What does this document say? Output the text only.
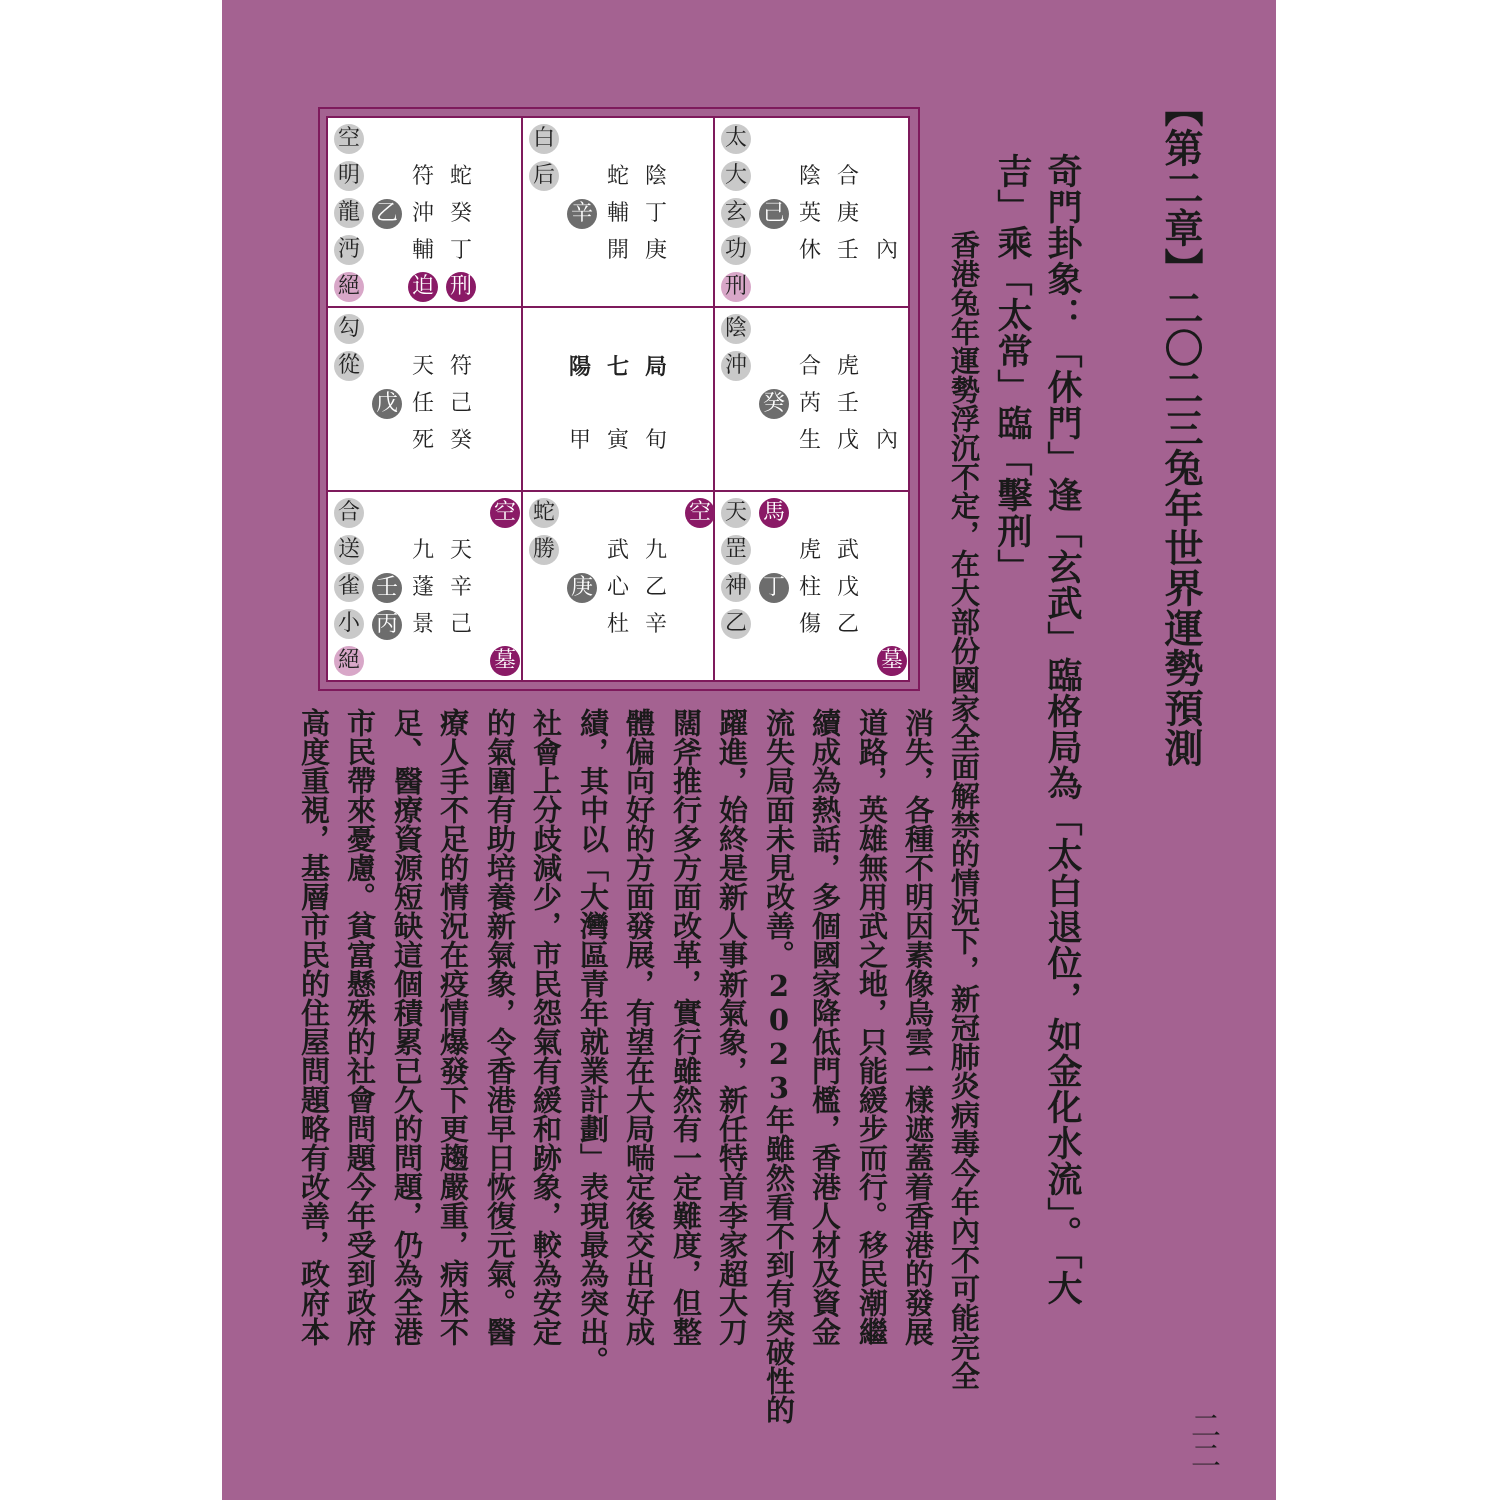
【第二章】二〇二三兔年世界運勢預測
奇門卦象：「休門」逢「玄武」臨格局為「太白退位，如金化水流」。「大
吉」乘「太常」臨「擊刑」
香港兔年運勢浮沉不定，在大部份國家全面解禁的情況下，新冠肺炎病毒今年內不可能完全
消失，各種不明因素像烏雲一樣遮蓋着香港的發展
道路，英雄無用武之地，只能緩步而行。移民潮繼
續成為熱話，多個國家降低門檻，香港人材及資金
流失局面未見改善。2023年雖然看不到有突破性的
躍進，始終是新人事新氣象，新任特首李家超大刀
闊斧推行多方面改革，實行雖然有一定難度，但整
體偏向好的方面發展，有望在大局喘定後交出好成
績，其中以「大灣區青年就業計劃」表現最為突出。
社會上分歧減少，市民怨氣有緩和跡象，較為安定
的氣圍有助培養新氣象，令香港早日恢復元氣。醫
療人手不足的情況在疫情爆發下更趨嚴重，病床不
足、醫療資源短缺這個積累已久的問題，仍為全港
市民帶來憂慮。貧富懸殊的社會問題今年受到政府
高度重視，基層市民的住屋問題略有改善，政府本
二二
空
明
龍
沔
絕
符
沖
輔
蛇
癸
丁
乙
迫 刑
白
后 蛇
輔
開
陰
丁
庚
辛
太
大
玄
功
刑
陰
英
休
合
庚
壬 內
己
勾
從 天
任
死
符
己
癸
戊
陰
沖 合
芮
生
虎
壬
戊 內
癸
合
送
雀
小
絕
九
蓬
景
天
辛
己
壬
丙
空
墓
蛇
勝 武
心
杜
九
乙
辛
庚
空 天
罡
神
乙
虎
柱
傷
武
戊
乙
丁
馬
墓
陽 七 局
甲 寅 旬
